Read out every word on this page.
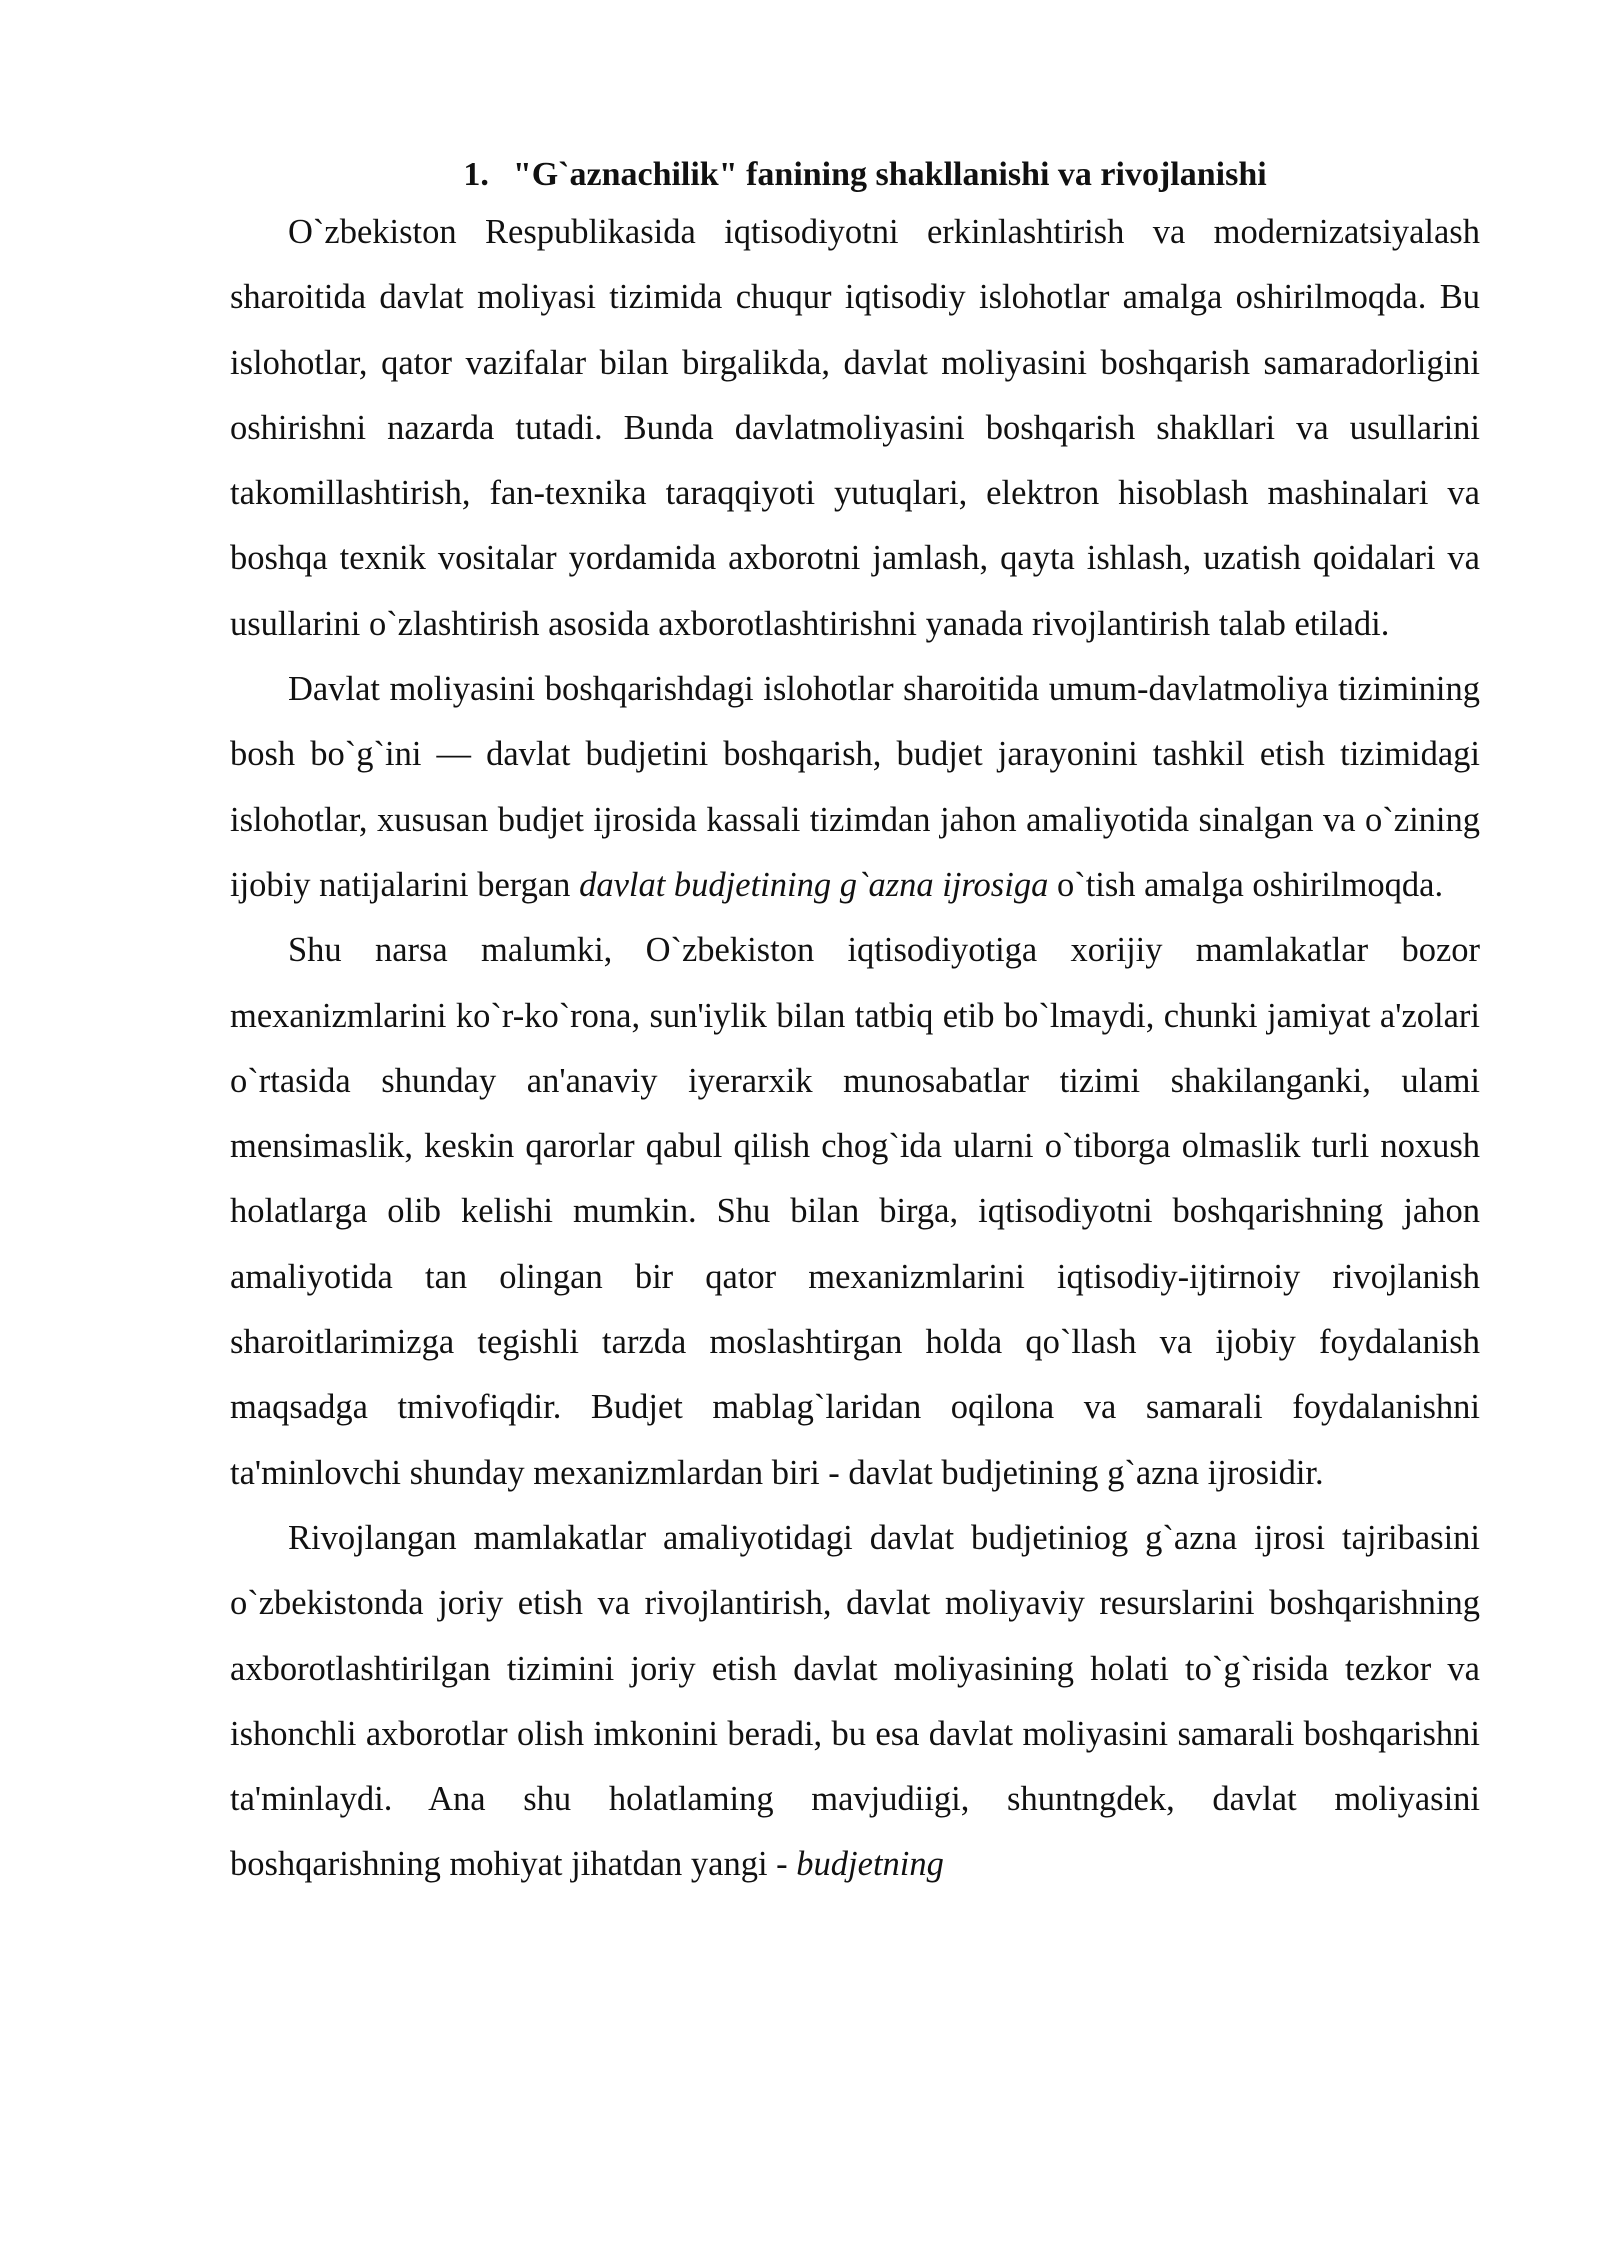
1. "G`aznachilik" fanining shakllanishi va rivojlanishi

O`zbekiston Respublikasida iqtisodiyotni erkinlashtirish va modernizatsiyalash sharoitida davlat moliyasi tizimida chuqur iqtisodiy islohotlar amalga oshirilmoqda. Bu islohotlar, qator vazifalar bilan birgalikda, davlat moliyasini boshqarish samaradorligini oshirishni nazarda tutadi. Bunda davlatmoliyasini boshqarish shakllari va usullarini takomillashtirish, fan-texnika taraqqiyoti yutuqlari, elektron hisoblash mashinalari va boshqa texnik vositalar yordamida axborotni jamlash, qayta ishlash, uzatish qoidalari va usullarini o`zlashtirish asosida axborotlashtirishni yanada rivojlantirish talab etiladi.

Davlat moliyasini boshqarishdagi islohotlar sharoitida umum-davlatmoliya tizimining bosh bo`g`ini — davlat budjetini boshqarish, budjet jarayonini tashkil etish tizimidagi islohotlar, xususan budjet ijrosida kassali tizimdan jahon amaliyotida sinalgan va o`zining ijobiy natijalarini bergan davlat budjetining g`azna ijrosiga o`tish amalga oshirilmoqda.

Shu narsa malumki, O`zbekiston iqtisodiyotiga xorijiy mamlakatlar bozor mexanizmlarini ko`r-ko`rona, sun'iylik bilan tatbiq etib bo`lmaydi, chunki jamiyat a'zolari o`rtasida shunday an'anaviy iyerarxik munosabatlar tizimi shakilanganki, ulami mensimaslik, keskin qarorlar qabul qilish chog`ida ularni o`tiborga olmaslik turli noxush holatlarga olib kelishi mumkin. Shu bilan birga, iqtisodiyotni boshqarishning jahon amaliyotida tan olingan bir qator mexanizmlarini iqtisodiy-ijtirnoiy rivojlanish sharoitlarimizga tegishli tarzda moslashtirgan holda qo`llash va ijobiy foydalanish maqsadga tmivofiqdir. Budjet mablag`laridan oqilona va samarali foydalanishni ta'minlovchi shunday mexanizmlardan biri - davlat budjetining g`azna ijrosidir.

Rivojlangan mamlakatlar amaliyotidagi davlat budjetiniog g`azna ijrosi tajribasini o`zbekistonda joriy etish va rivojlantirish, davlat moliyaviy resurslarini boshqarishning axborotlashtirilgan tizimini joriy etish davlat moliyasining holati to`g`risida tezkor va ishonchli axborotlar olish imkonini beradi, bu esa davlat moliyasini samarali boshqarishni ta'minlaydi. Ana shu holatlaming mavjudiigi, shuntngdek, davlat moliyasini boshqarishning mohiyat jihatdan yangi - budjetning
